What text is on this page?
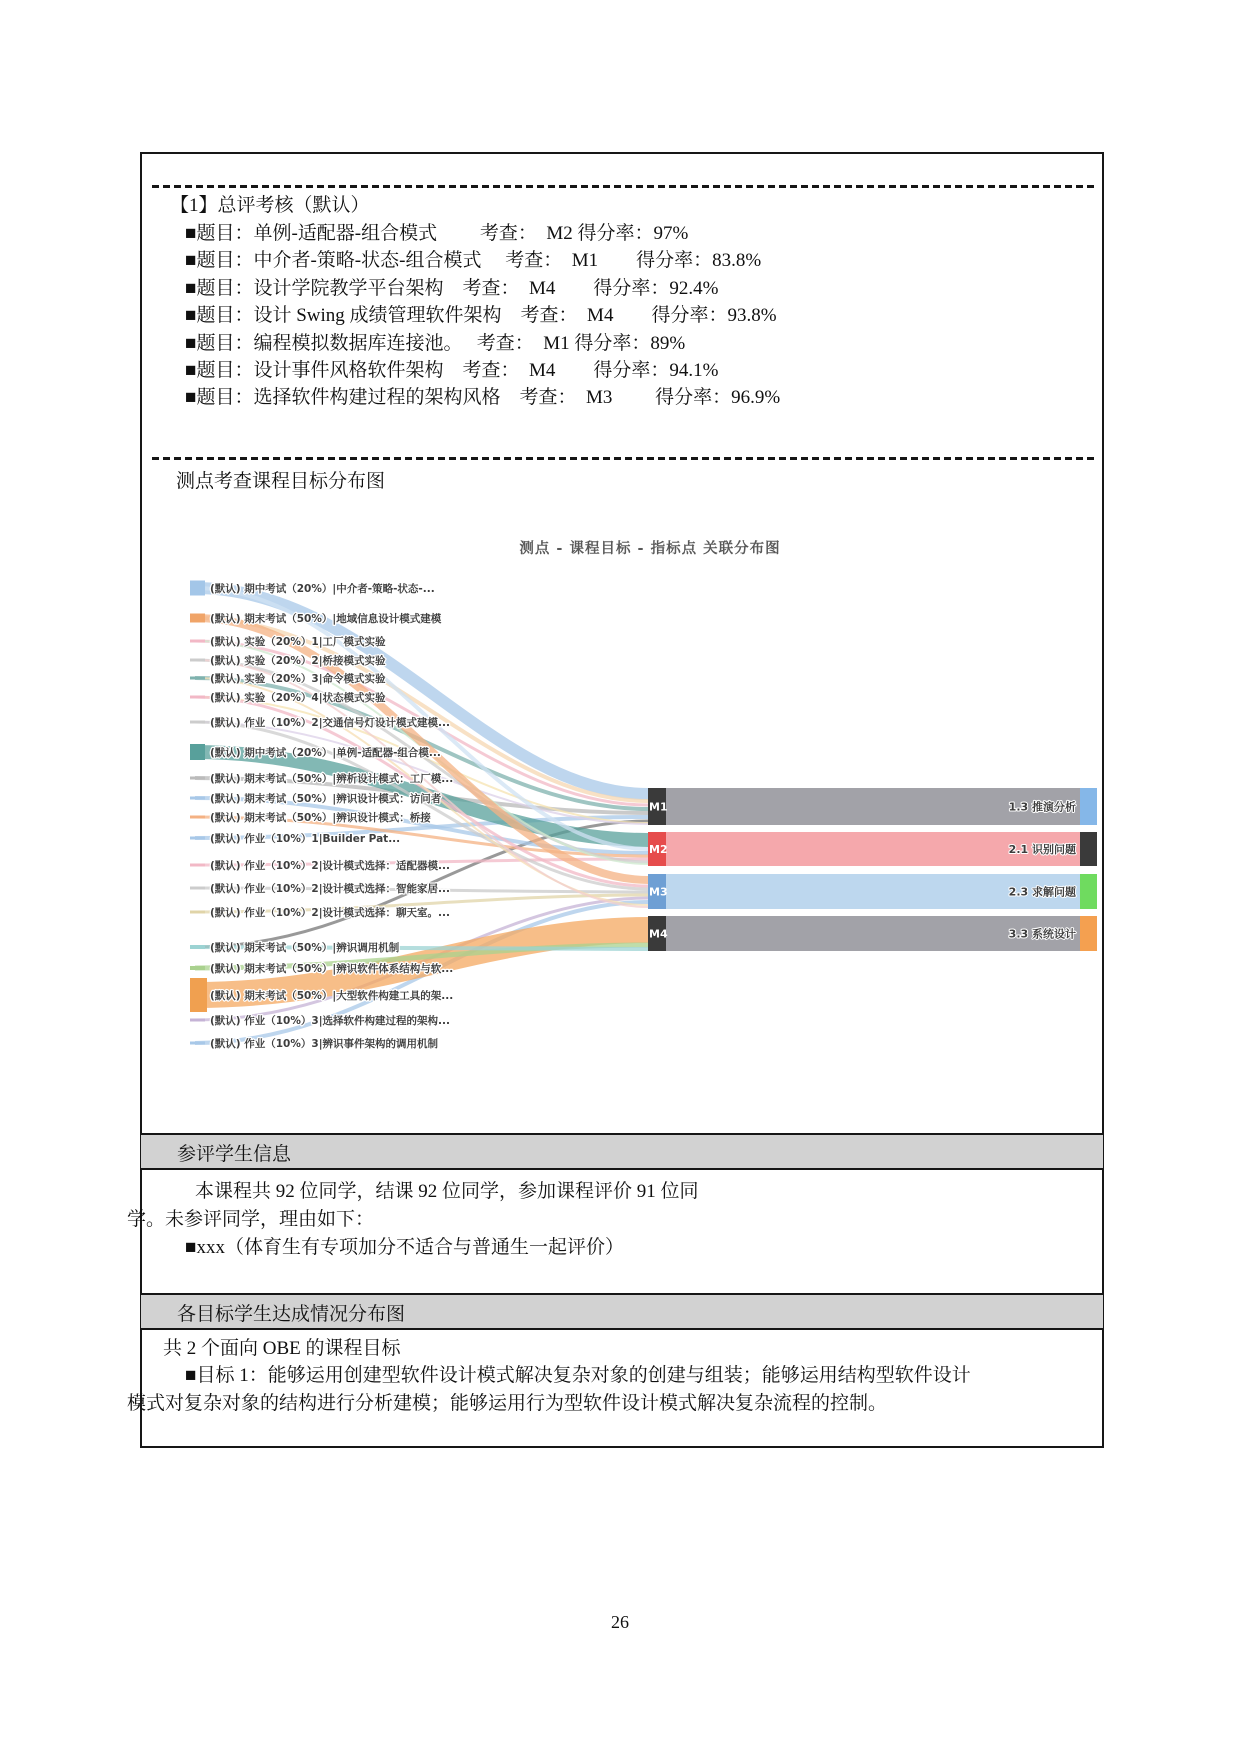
【1】总评考核（默认）
■题目：单例-适配器-组合模式　　 考查：　M2 得分率：97%
■题目：中介者-策略-状态-组合模式　 考查：　M1　　得分率：83.8%
■题目：设计学院教学平台架构　考查：　M4　　得分率：92.4%
■题目：设计 Swing 成绩管理软件架构　考查：　M4　　得分率：93.8%
■题目：编程模拟数据库连接池。　 考查：　M1 得分率：89%
■题目：设计事件风格软件架构　考查：　M4　　得分率：94.1%
■题目：选择软件构建过程的架构风格　考查：　M3　　 得分率：96.9%
测点考查课程目标分布图
测点 - 课程目标 - 指标点 关联分布图
(默认) 期中考试（20%）|中介者-策略-状态-...
(默认) 期末考试（50%）|地域信息设计模式建模
(默认) 实验（20%）1|工厂模式实验
(默认) 实验（20%）2|桥接模式实验
(默认) 实验（20%）3|命令模式实验
(默认) 实验（20%）4|状态模式实验
(默认) 作业（10%）2|交通信号灯设计模式建模...
(默认) 期中考试（20%）|单例-适配器-组合模...
(默认) 期末考试（50%）|辨析设计模式：工厂模...
(默认) 期末考试（50%）|辨识设计模式：访问者
(默认) 期末考试（50%）|辨识设计模式：桥接
(默认) 作业（10%）1|Builder Pat...
(默认) 作业（10%）2|设计模式选择：适配器模...
(默认) 作业（10%）2|设计模式选择：智能家居...
(默认) 作业（10%）2|设计模式选择：聊天室。...
(默认) 期末考试（50%）|辨识调用机制
(默认) 期末考试（50%）|辨识软件体系结构与软...
(默认) 期末考试（50%）|大型软件构建工具的架...
(默认) 作业（10%）3|选择软件构建过程的架构...
(默认) 作业（10%）3|辨识事件架构的调用机制
M1	1.3 推演分析
M2	2.1 识别问题
M3	2.3 求解问题
M4	3.3 系统设计
参评学生信息
本课程共 92 位同学，结课 92 位同学，参加课程评价 91 位同
学。未参评同学，理由如下：
■xxx（体育生有专项加分不适合与普通生一起评价）
各目标学生达成情况分布图
共 2 个面向 OBE 的课程目标
■目标 1：能够运用创建型软件设计模式解决复杂对象的创建与组装；能够运用结构型软件设计
模式对复杂对象的结构进行分析建模；能够运用行为型软件设计模式解决复杂流程的控制。
26
